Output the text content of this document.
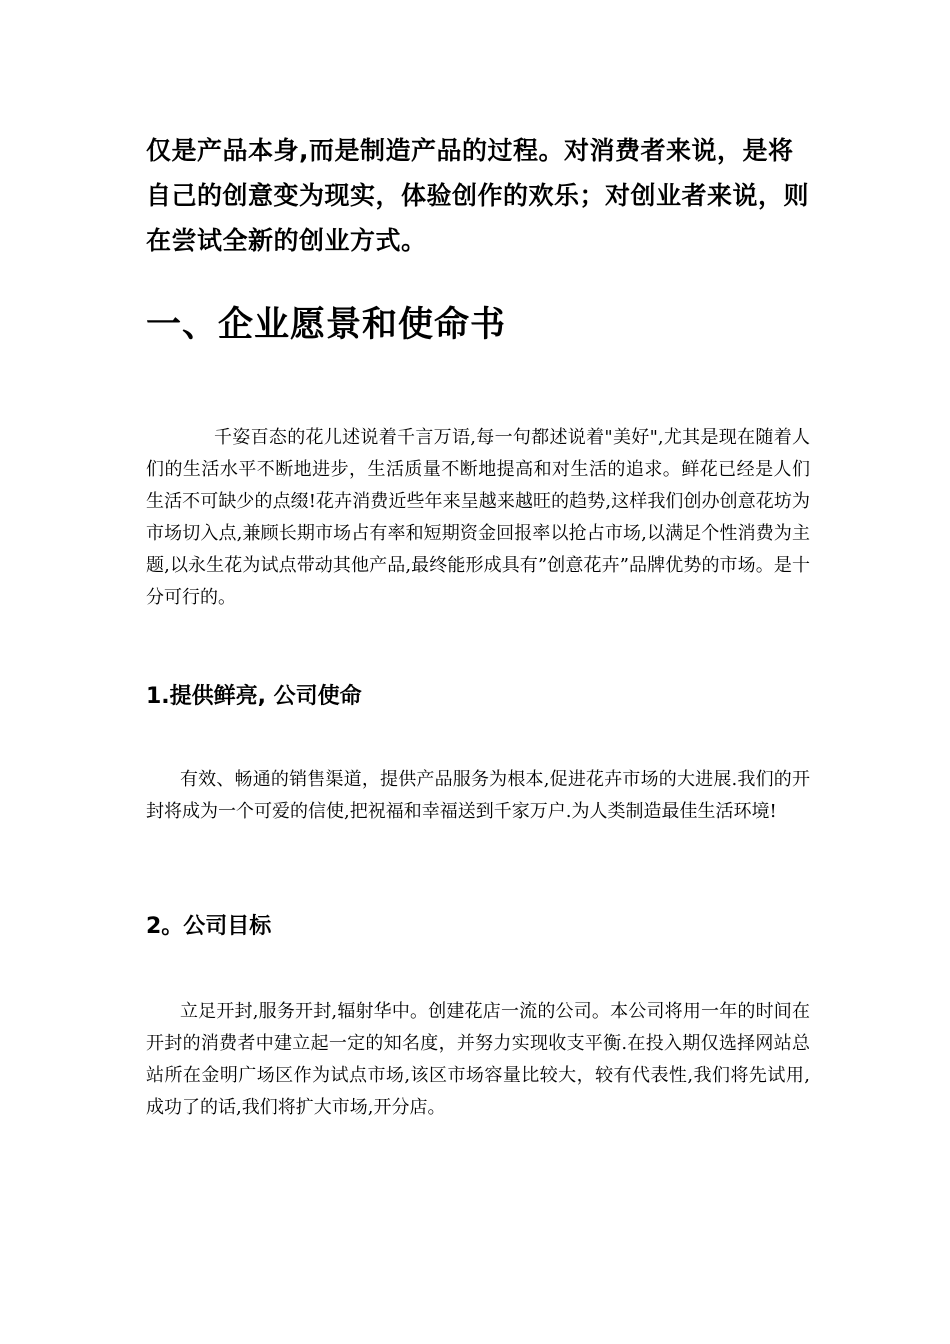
仅是产品本身,而是制造产品的过程。对消费者来说，是将自己的创意变为现实，体验创作的欢乐；对创业者来说，则在尝试全新的创业方式。

一、企业愿景和使命书

千姿百态的花儿述说着千言万语,每一句都述说着"美好",尤其是现在随着人们的生活水平不断地进步，生活质量不断地提高和对生活的追求。鲜花已经是人们生活不可缺少的点缀!花卉消费近些年来呈越来越旺的趋势,这样我们创办创意花坊为市场切入点,兼顾长期市场占有率和短期资金回报率以抢占市场,以满足个性消费为主题,以永生花为试点带动其他产品,最终能形成具有”创意花卉”品牌优势的市场。是十分可行的。

1.提供鲜亮, 公司使命

有效、畅通的销售渠道，提供产品服务为根本,促进花卉市场的大进展.我们的开封将成为一个可爱的信使,把祝福和幸福送到千家万户.为人类制造最佳生活环境!

2。公司目标

立足开封,服务开封,辐射华中。创建花店一流的公司。本公司将用一年的时间在开封的消费者中建立起一定的知名度，并努力实现收支平衡.在投入期仅选择网站总站所在金明广场区作为试点市场,该区市场容量比较大，较有代表性,我们将先试用,成功了的话,我们将扩大市场,开分店。
